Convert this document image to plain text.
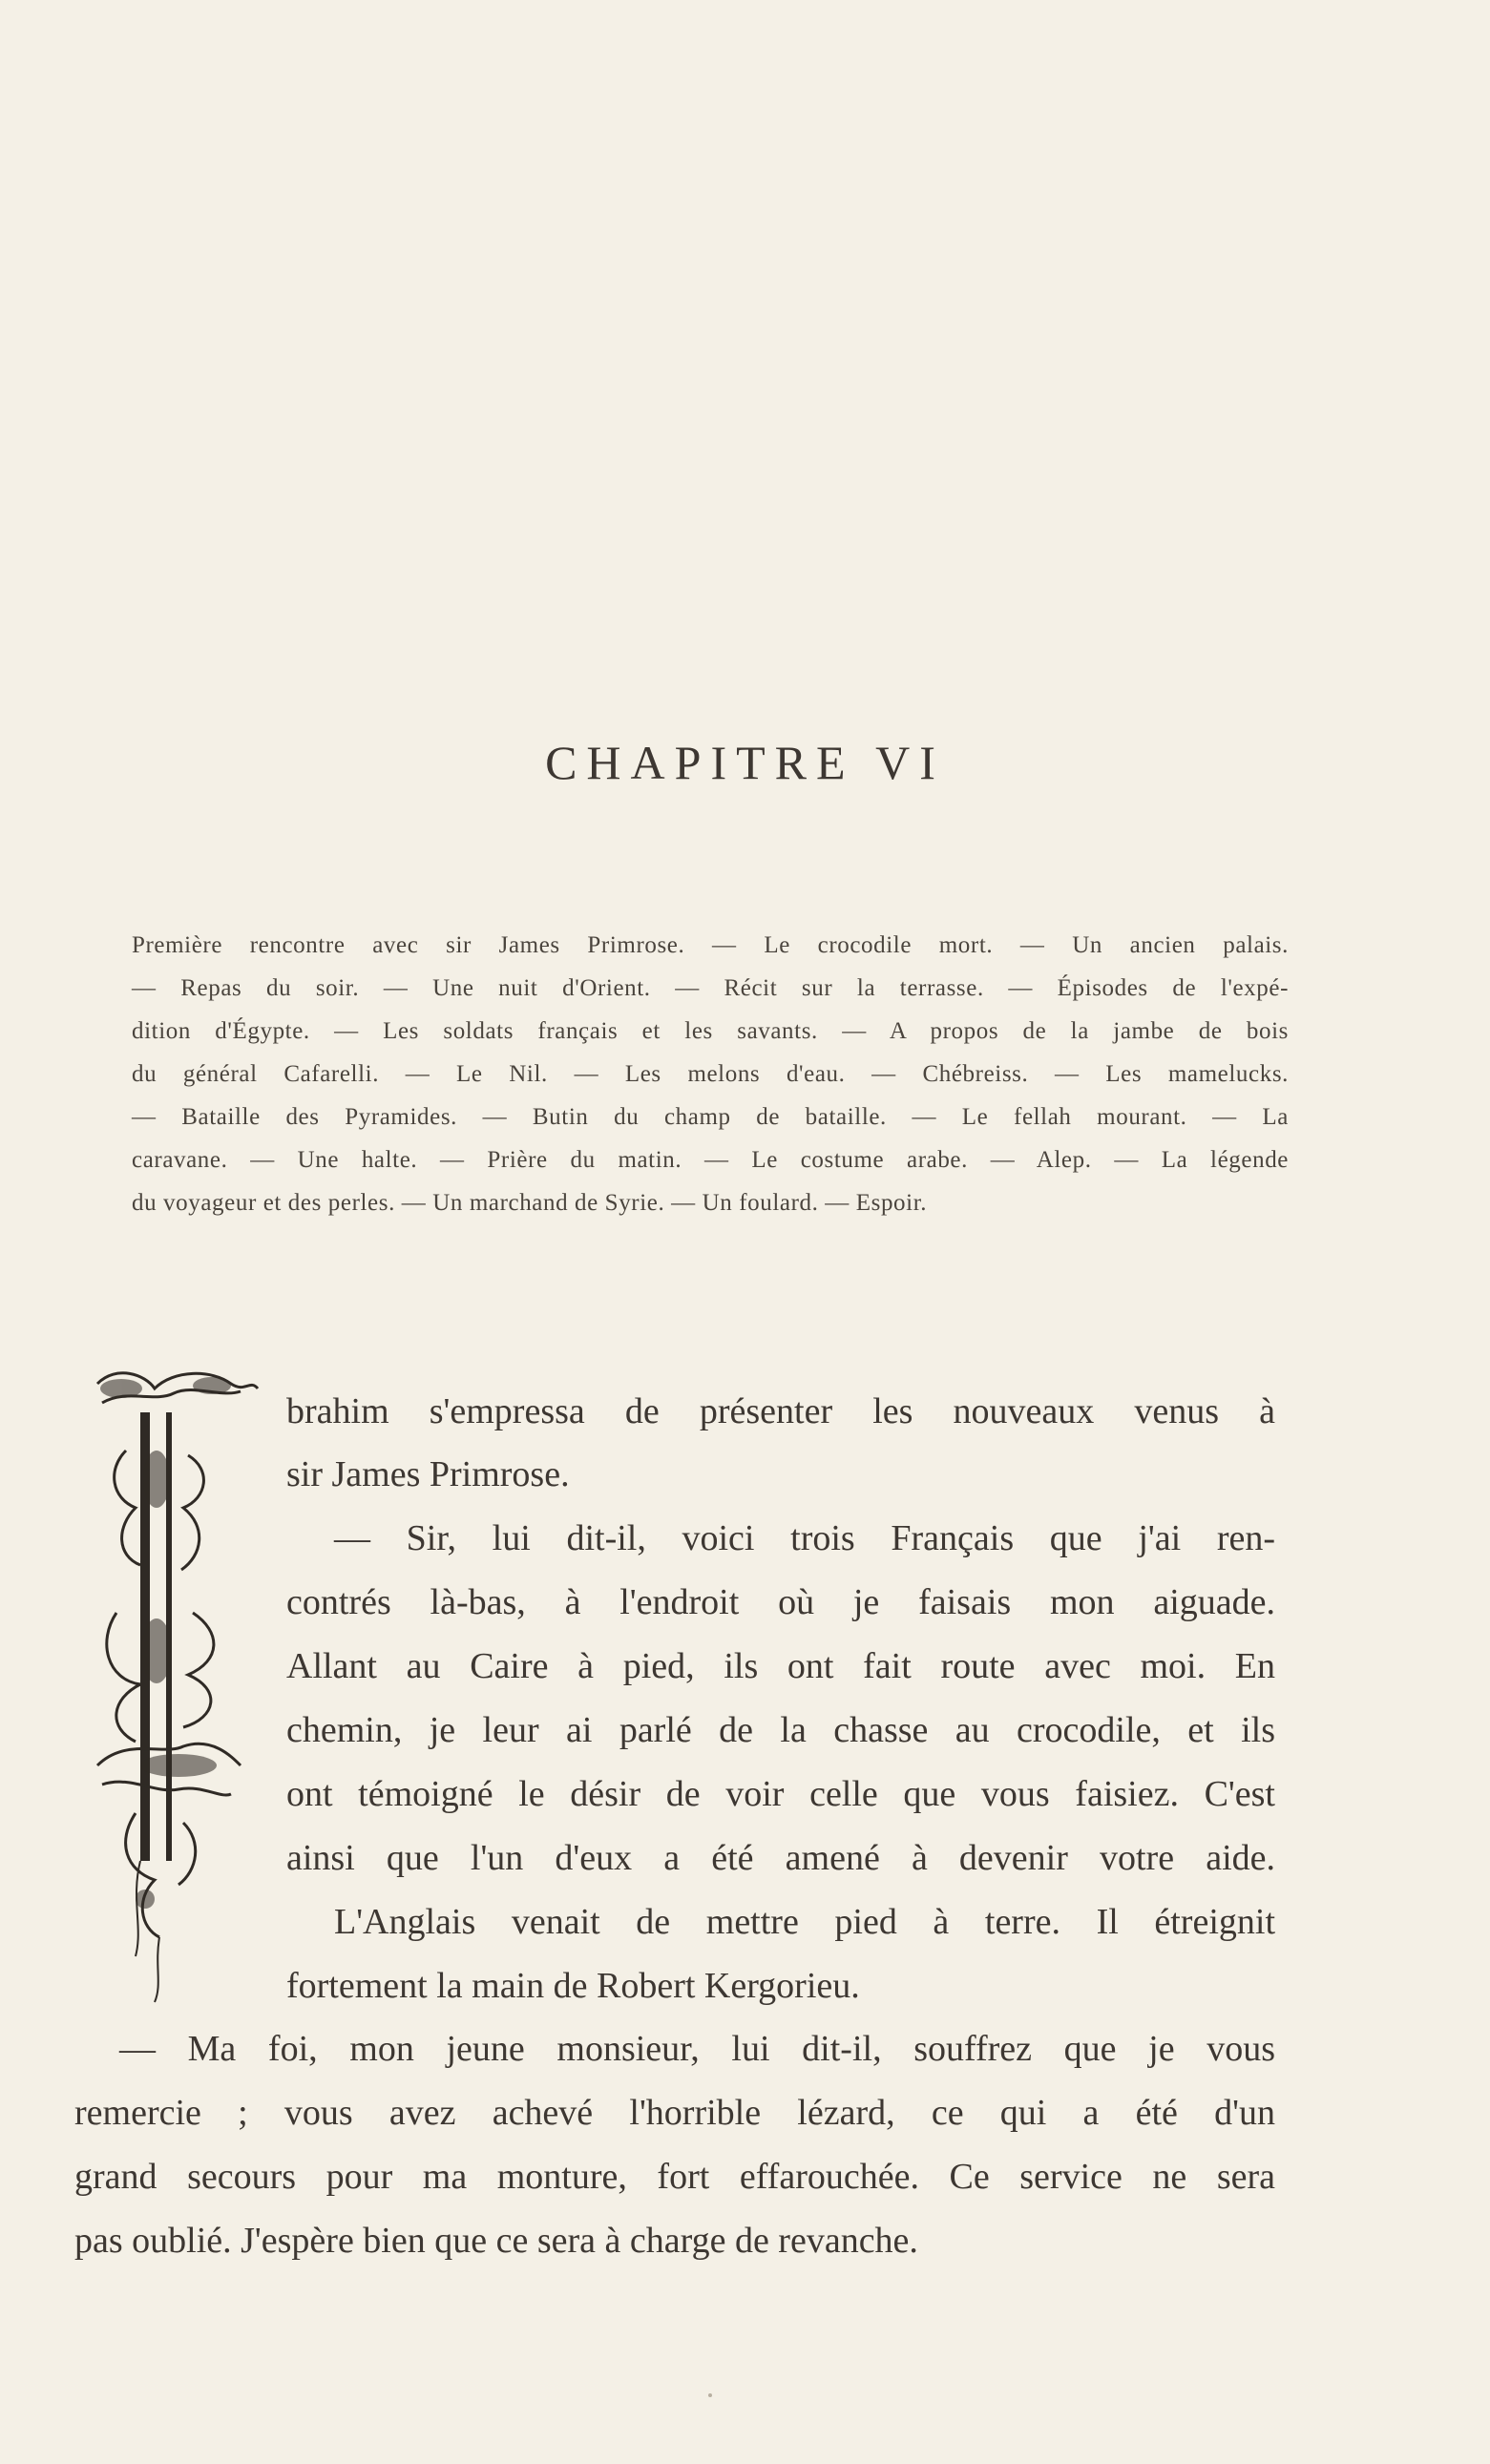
CHAPITRE VI
Première rencontre avec sir James Primrose. — Le crocodile mort. — Un ancien palais.
— Repas du soir. — Une nuit d'Orient. — Récit sur la terrasse. — Épisodes de l'expé-
dition d'Égypte. — Les soldats français et les savants. — A propos de la jambe de bois
du général Cafarelli. — Le Nil. — Les melons d'eau. — Chébreiss. — Les mamelucks.
— Bataille des Pyramides. — Butin du champ de bataille. — Le fellah mourant. — La
caravane. — Une halte. — Prière du matin. — Le costume arabe. — Alep. — La légende
du voyageur et des perles. — Un marchand de Syrie. — Un foulard. — Espoir.
brahim s'empressa de présenter les nouveaux venus à
sir James Primrose.
— Sir, lui dit-il, voici trois Français que j'ai ren-
contrés là-bas, à l'endroit où je faisais mon aiguade.
Allant au Caire à pied, ils ont fait route avec moi. En
chemin, je leur ai parlé de la chasse au crocodile, et ils
ont témoigné le désir de voir celle que vous faisiez. C'est
ainsi que l'un d'eux a été amené à devenir votre aide.
L'Anglais venait de mettre pied à terre. Il étreignit
fortement la main de Robert Kergorieu.
— Ma foi, mon jeune monsieur, lui dit-il, souffrez que je vous
remercie ; vous avez achevé l'horrible lézard, ce qui a été d'un
grand secours pour ma monture, fort effarouchée. Ce service ne sera
pas oublié. J'espère bien que ce sera à charge de revanche.
